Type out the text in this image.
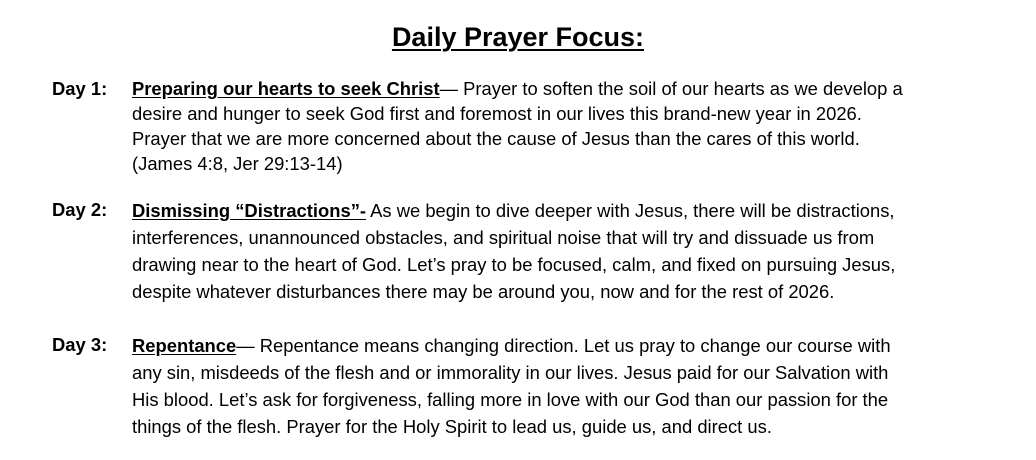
Daily Prayer Focus:
Day 1: Preparing our hearts to seek Christ— Prayer to soften the soil of our hearts as we develop a
desire and hunger to seek God first and foremost in our lives this brand-new year in 2026.
Prayer that we are more concerned about the cause of Jesus than the cares of this world.
(James 4:8, Jer 29:13-14)
Day 2: Dismissing “Distractions”- As we begin to dive deeper with Jesus, there will be distractions,
interferences, unannounced obstacles, and spiritual noise that will try and dissuade us from
drawing near to the heart of God. Let’s pray to be focused, calm, and fixed on pursuing Jesus,
despite whatever disturbances there may be around you, now and for the rest of 2026.
Day 3: Repentance— Repentance means changing direction. Let us pray to change our course with
any sin, misdeeds of the flesh and or immorality in our lives. Jesus paid for our Salvation with
His blood. Let’s ask for forgiveness, falling more in love with our God than our passion for the
things of the flesh. Prayer for the Holy Spirit to lead us, guide us, and direct us.
